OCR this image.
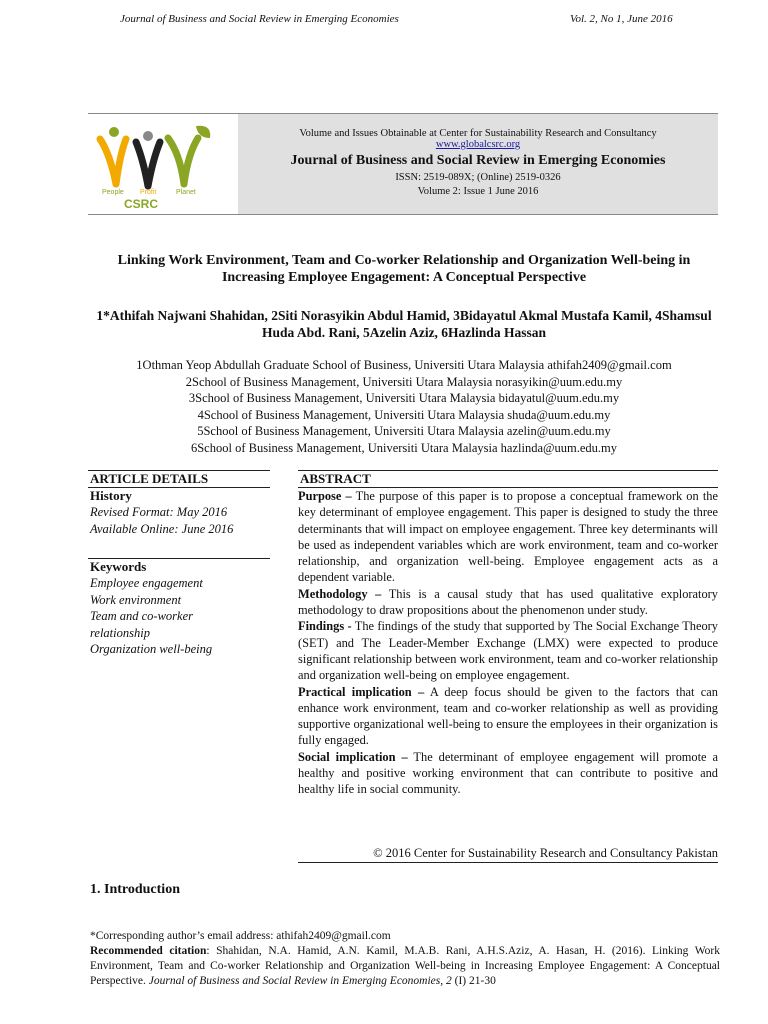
Journal of Business and Social Review in Emerging Economies	Vol. 2, No 1, June 2016
People Profit	Planet
CSRC
Volume and Issues Obtainable at Center for Sustainability Research and Consultancy
www.globalcsrc.org
Journal of Business and Social Review in Emerging Economies
ISSN: 2519-089X; (Online) 2519-0326
Volume 2: Issue 1 June 2016
Linking Work Environment, Team and Co-worker Relationship and Organization Well-being in
Increasing Employee Engagement: A Conceptual Perspective
1*Athifah Najwani Shahidan, 2Siti Norasyikin Abdul Hamid, 3Bidayatul Akmal Mustafa Kamil, 4Shamsul
Huda Abd. Rani, 5Azelin Aziz, 6Hazlinda Hassan
1Othman Yeop Abdullah Graduate School of Business, Universiti Utara Malaysia athifah2409@gmail.com
2School of Business Management, Universiti Utara Malaysia norasyikin@uum.edu.my
3School of Business Management, Universiti Utara Malaysia bidayatul@uum.edu.my
4School of Business Management, Universiti Utara Malaysia shuda@uum.edu.my
5School of Business Management, Universiti Utara Malaysia azelin@uum.edu.my
6School of Business Management, Universiti Utara Malaysia hazlinda@uum.edu.my
ARTICLE DETAILS
History
Revised Format: May 2016
Available Online: June 2016
Keywords
Employee engagement
Work environment
Team and co-worker
relationship
Organization well-being
ABSTRACT

Purpose – The purpose of this paper is to propose a conceptual framework on the key determinant of employee engagement. This paper is designed to study the three determinants that will impact on employee engagement. Three key determinants will be used as independent variables which are work environment, team and co-worker relationship, and organization well-being. Employee engagement acts as a dependent variable.

Methodology – This is a causal study that has used qualitative exploratory methodology to draw propositions about the phenomenon under study.

Findings - The findings of the study that supported by The Social Exchange Theory (SET) and The Leader-Member Exchange (LMX) were expected to produce significant relationship between work environment, team and co-worker relationship and organization well-being on employee engagement.

Practical implication – A deep focus should be given to the factors that can enhance work environment, team and co-worker relationship as well as providing supportive organizational well-being to ensure the employees in their organization is fully engaged.

Social implication – The determinant of employee engagement will promote a healthy and positive working environment that can contribute to positive and healthy life in social community.

© 2016 Center for Sustainability Research and Consultancy Pakistan
1. Introduction
*Corresponding author’s email address: athifah2409@gmail.com
Recommended citation: Shahidan, N.A. Hamid, A.N. Kamil, M.A.B. Rani, A.H.S.Aziz, A. Hasan, H. (2016). Linking Work Environment, Team and Co-worker Relationship and Organization Well-being in Increasing Employee Engagement: A Conceptual Perspective. Journal of Business and Social Review in Emerging Economies, 2 (I) 21-30
